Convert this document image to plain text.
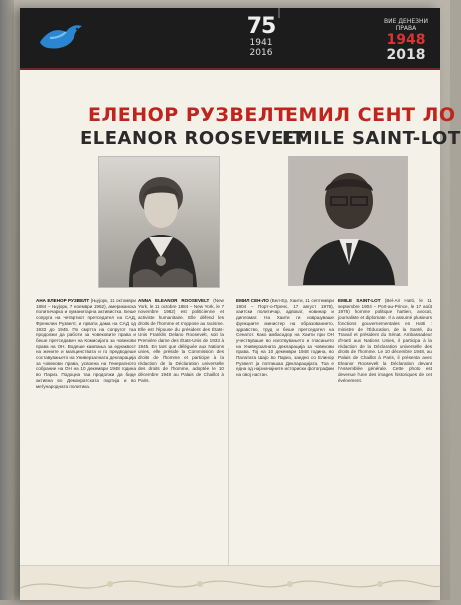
75
1941
2016
ВИЕ ДЕНЕЗНИ ПРАВА
1948
2018
ЕЛЕНОР РУЗВЕЛТ
ELEANOR ROOSEVELT
АНА ЕЛЕНОР РУЗВЕЛТ (Њујорк, 11 октомври 1884 – Њујорк, 7 ноември 1962), американска политичарка и хуманитарна активистка. Беше сопруга на четвртиот претседател на САД, Френклин Рузвелт, и првата дама на САД од 1933 до 1945. По смртта на сопругот таа продолжи да работи за човековите права и беше претседавач на Комисијата за човекови права на ОН. Водеше кампања за еднаквост на жените и малцинствата и го предводеше составувањето на Универзалната декларација за човекови права, усвоена на Генералното собрание на ОН на 10 декември 1948 година во Париз. Подоцна таа продолжи да биде активна во Демократската партија и во меѓународната политика.
ANNA ELEANOR ROOSEVELT (New York, le 11 octobre 1884 – New York, le 7 novembre 1962) est politicienne et activiste humanitaire. Elle défend les droits de l'homme et s'oppose au racisme. Elle est l'épouse du président des États-Unis Franklin Delano Roosevelt, soit la Première dame des États-Unis de 1933 à 1945. En tant que déléguée aux Nations unies, elle préside la Commission des droits de l'homme et participe à la rédaction de la Déclaration universelle des droits de l'homme, adoptée le 10 décembre 1948 au Palais de Chaillot à Paris.
ЕМИЛ СЕНТ ЛО
EMILE SAINT-LOT
ЕМИЛ СЕН-ЛО (Бел-Ер, Хаити, 11 септември 1904 – Порт-о-Пренс, 17 август 1976), хаитски политичар, адвокат, новинар и дипломат. На Хаити ги извршуваше функциите министер на образованието, здравство, труд и беше претседател на Сенатот. Како амбасадор на Хаити при ОН учествуваше во изготвувањето и гласањето на Универзалната декларација за човекови права. Тој на 10 декември 1948 година, во Палатата Шајо во Париз, заедно со Елинор Рузвелт ја потпишаа Декларацијата. Тоа е една од најзначајните историски фотографии на овој настан.
EMILE SAINT-LOT (Bel-Air Haïti, le 11 septembre 1904 – Port-au-Prince, le 17 août 1976) homme politique haïtien, avocat, journaliste et diplomate. Il a assumé plusieurs fonctions gouvernementales en Haïti : ministre de l'Éducation, de la Santé, du Travail et président du Sénat. Ambassadeur d'Haïti aux Nations Unies, il participa à la rédaction de la Déclaration universelle des droits de l'homme. Le 10 décembre 1948, au Palais de Chaillot à Paris, il présenta avec Eleanor Roosevelt la Déclaration devant l'Assemblée générale. Cette photo est devenue l'une des images historiques de cet événement.
